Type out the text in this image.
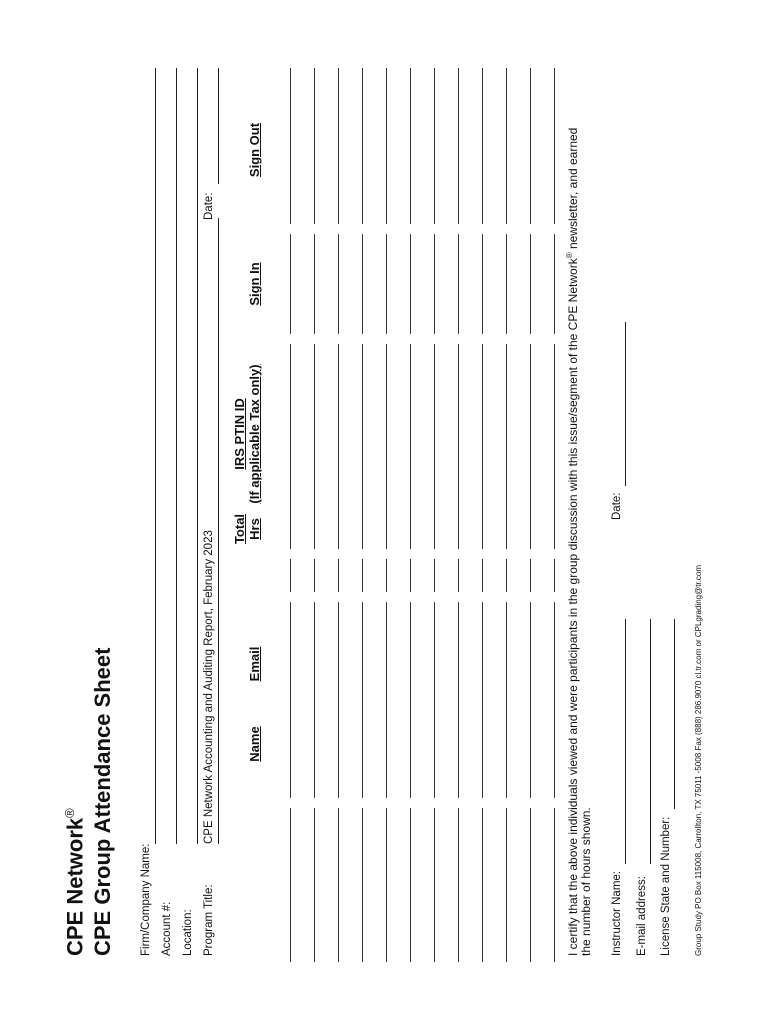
CPE Network® CPE Group Attendance Sheet Firm/Company Name: Account #: Location: Program Title:
CPE Network Accounting and Auditing Report, February 2023
Date:
Name
Email
Total Hrs
IRS PTIN ID (If applicable Tax only)
Sign In
Sign Out
I certify that the above individuals viewed and were participants in the group discussion with this issue/segment of the CPE Network® newsletter, and earned
the number of hours shown. Instructor Name:
Date:
E-mail address: License State and Number:	Group Study PO Box 115008, Carrollton, TX 75011 -5008 Fax (888) 286.9070 cl.tr.com or CPLgrading@tr.com
